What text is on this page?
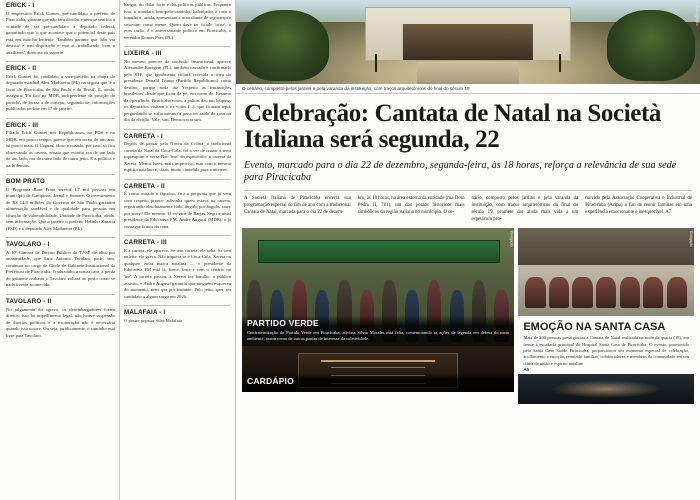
ERICK - I

O empresário Erick Gomes, pré-candidato a prefeito de Piracicaba, garante que não tem dívidas e nem se sentiria à vontade de ser pré-candidato a deputado federal, garantindo que 'o que acontece que o potencial deste país está em marcha leniente. Também garante que 'não vai desistir' e tem disposição e está aí, trabalhando 'com o auxiliares', diretoria ou suporte.

ERICK - II

Erick Gomes foi candidato a vice-prefeito na chapa do deputado estadual Alex Madureira (PL) na segura que 'é a favor de Piracicaba, de São Paulo e do Brasil'. E, ainda, assegura: 'Eu fico no MDB, independente da posição do partido', de forma a de cortejar, seguindo de, informações publicadas on-line em 17 de janeiro.

ERICK - III

Filiado Erick Gomes nos Republicanos, no PDS e no MDB, em pouco tempo, parece que em torno de um ano, só pouco mais. O Caguas, idoso e ousado, por isso, só fica observando as ravens, ensaia que escutio ora de um lado de um lado, ora de outro lado de outro jeito. E a política e nada demais.

BOM PRATO

O Programa Bom Prato servirá 1,7 mil pessoas em município de Campinas. Jornal e Sumaré. O investimento de R$ 14,8 milhões do Governo de São Paulo garantirá alimentação saudável e de qualidade para pessoas em situação de vulnerabilidade. Unidade de Piracicaba, ainda, sem informação. Que a janeiro o prefeito Helinho Zanatta (PSD) e o deputado Alex Madureira (PL).

TAVOLARO - I

A 10ª Câmara de Direito Público do TJ-SP decidiu, por unanimidade, que Luiz Antonio Tavolaro pode, sim, continuar no cargo de Chefe de Gabinete Institucional da Prefeitura de Piracicaba. Traduzindo: a tomar cara, a perda do gabinete realizou o Tavolaro voltará ao posto como se nada tivesse acontecido.

TAVOLARO - II

No julgamento do agravo, os desembargadores foram diretos: isso há impedimento legal, não houve suspensão de direitos políticos e a exoneração não é necessária quando isso ocorre. Ou seja, juridicamente, o caminho está livre para Tavolaro.

hangar, do dólar forte e das políticas públicas. Enquanto isso, o mandato bem-pelo-caminho, balançados e com o tumulto e, ainda, apresentam a urna diante de segurança e veio-ram como meme. Quem deve ter ficado 'triste', o ecos razão, é o aniversariante político em Piracicaba, o vereador Romas Paes (PL).

LIXEIRA - III

No mesmo parecer de confusão instrucional, aparece Alexandre Karagem (PL), também causado e confirmado pelo STF, que igualmente voltará corroída a terra do presidente Donald Trump (Partido Republicano) como destino, porque nada diz 'respeito às instituições brasileiras' desde que ficou de pé, em torno de. Resumo da ópera bufa: Piracicaba votos, a palitos deu um louping, os deputados visitam o ex-votos (...), que ficaram aqui, perguntando se valia mesmo a pena ter saído de casa no dia da eleição. Vale, sim, Democracia sim.

CARRETA - I

Depois de passar pela Novra da Colina, a tradicional carreta de Natal da Coca-Cola, foi a ver de cruzar a terra topiasquim e versa-Nec 'inst' do espetáculo: a carreta da Xereta. Menos luzes, mais improviso, mas com o mesmo espírito natalino e, claro, muito conteúdo para a internet.

CARRETA - II

É como ousado e figurino, fica a pergunta que já vem com respeito pronto: adivinha quem estava na carreta, registrando absolutamente tudo, ângulo por ângulo, story por story? Ele mesmo. O ex-vice de Barjas Negri e atual presidente da Educativa FM, André Augusti (MDB), o já consagrado ator da cena.

CARRETA - III

E a carreta, ele aparece. Se tem carreta, ele sobe. Se tem enfeite, ele grava. Não importa se é Coca-Cola, Xereta ou qualquer outra marca natalina — o presidente da Educativa FM está lá, firme, forte e com o cenário no 'tee'. A carreta passou, a Xereta fez barulho, o público assistiu, e André Augusti garantiu que ninguém esqueceu do momento, nem que por instante. Pelo jeito, quer ser candidato a algum cargo em 2026.

MALAFAIA - I

O pastor popstar Silas Malafaia

Divulgação
O cenário, composto pelos jardins e pela varanda da instituição, com traços arquitetônicos do final do século 19
Celebração: Cantata de Natal na Società Italiana será segunda, 22

Evento, marcado para o dia 22 de dezembro, segunda-feira, às 18 horas, reforça a relevância de sua sede para Piracicaba

A Società Italiana de Piracicaba encerra sua programação especial de fim de ano com a tradicional Cantata de Natal, marcada para o dia 22 de dezem-

bro, às 18 horas, na área externa da entidade (rua Dom Pedro II, 781), um dos pontos históricos mais simbólicos da região italiana no município. O ce-

nário, composto pelos jardins e pela varanda da instituição, com traços arquitetônicos do final do século 19, promete dar ainda mais vida a um espetáculo pro-

movido pela Associação Cooperativa e Industrial de Piracicaba (Acipa) a fim de reunir famílias em uma experiência emocionante e inesquecível. A7

Divulgação

PARTIDO VERDE

Confraternização do Partido Verde em Piracicaba, ativista Silvia Morales está feliz, comemorando as ações da legenda em defesa do meio ambiente, assim como de outras pautas de interesse da coletividade.

CARDÁPIO

Divulgação

EMOÇÃO NA SANTA CASA

Mais de 200 pessoas prestigiaram a Cantata de Natal realizada na noite de quarta (18), em frente à escadaria principal do Hospital Santa Casa de Piracicaba. O evento, promovido pela Santa Casa Saúde Piracicaba, proporcionou um momento especial de celebração, acolhimento e emoção, reunindo famílias, colaboradores e membros da comunidade em um clima de união e espírito natalino.

A6
